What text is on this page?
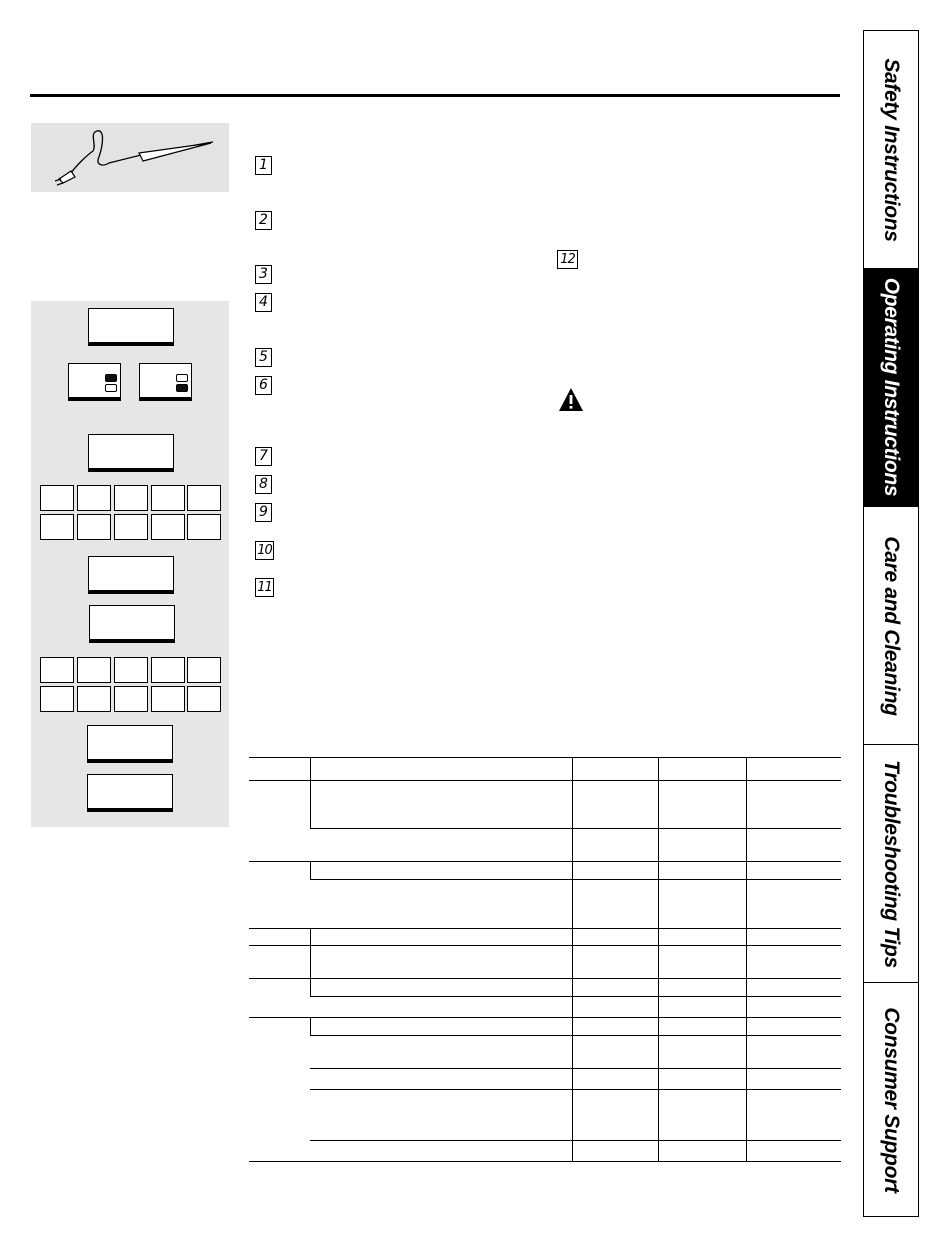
1
2
3
4
5
6
7
8
9
10
11
12

Safety Instructions
Operating Instructions
Care and Cleaning
Troubleshooting Tips
Consumer Support
